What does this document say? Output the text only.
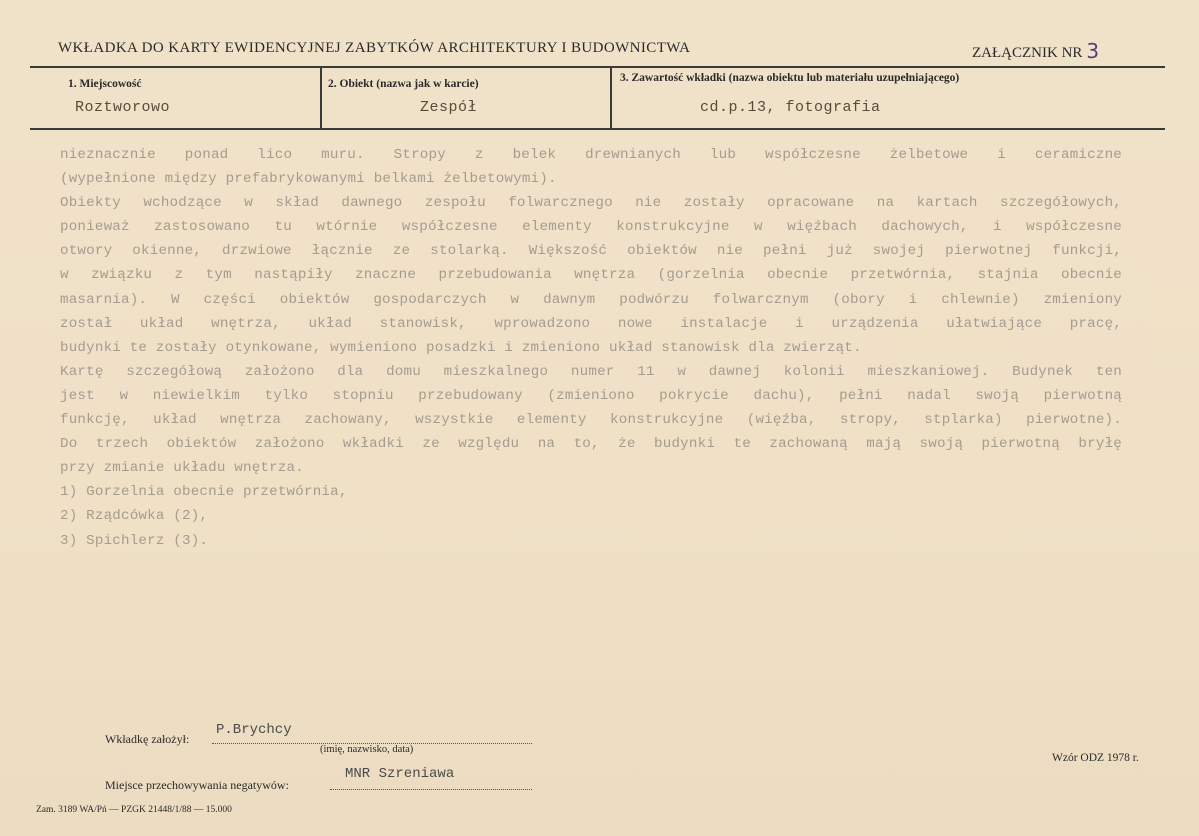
WKŁADKA DO KARTY EWIDENCYJNEJ ZABYTKÓW ARCHITEKTURY I BUDOWNICTWA	ZAŁĄCZNIK NR 3
1. Miejscowość
Roztworowo
2. Obiekt (nazwa jak w karcie)
Zespół
3. Zawartość wkładki (nazwa obiektu lub materiału uzupełniającego)
cd.p.13, fotografia
nieznacznie ponad lico muru. Stropy z belek drewnianych lub współczesne żelbetowe i ceramiczne
(wypełnione między prefabrykowanymi belkami żelbetowymi).
Obiekty wchodzące w skład dawnego zespołu folwarcznego nie zostały opracowane na kartach szczegółowych,
ponieważ zastosowano tu wtórnie współczesne elementy konstrukcyjne w więźbach dachowych, i współczesne
otwory okienne, drzwiowe łącznie ze stolarką. Większość obiektów nie pełni już swojej pierwotnej funkcji,
w związku z tym nastąpiły znaczne przebudowania wnętrza (gorzelnia obecnie przetwórnia, stajnia obecnie
masarnia). W części obiektów gospodarczych w dawnym podwórzu folwarcznym (obory i chlewnie) zmieniony
został układ wnętrza, układ stanowisk, wprowadzono nowe instalacje i urządzenia ułatwiające pracę,
budynki te zostały otynkowane, wymieniono posadzki i zmieniono układ stanowisk dla zwierząt.
Kartę szczegółową założono dla domu mieszkalnego numer 11 w dawnej kolonii mieszkaniowej. Budynek ten
jest w niewielkim tylko stopniu przebudowany (zmieniono pokrycie dachu), pełni nadal swoją pierwotną
funkcję, układ wnętrza zachowany, wszystkie elementy konstrukcyjne (więźba, stropy, stplarka) pierwotne).
Do trzech obiektów założono wkładki ze względu na to, że budynki te zachowaną mają swoją pierwotną bryłę
przy zmianie układu wnętrza.
1) Gorzelnia obecnie przetwórnia,
2) Rządcówka (2),
3) Spichlerz (3).
Wkładkę założył:
P.Brychcy
(imię, nazwisko, data)
Miejsce przechowywania negatywów:
MNR Szreniawa
Wzór ODZ 1978 r.
Zam. 3189 WA/Pń — PZGK 21448/1/88 — 15.000
